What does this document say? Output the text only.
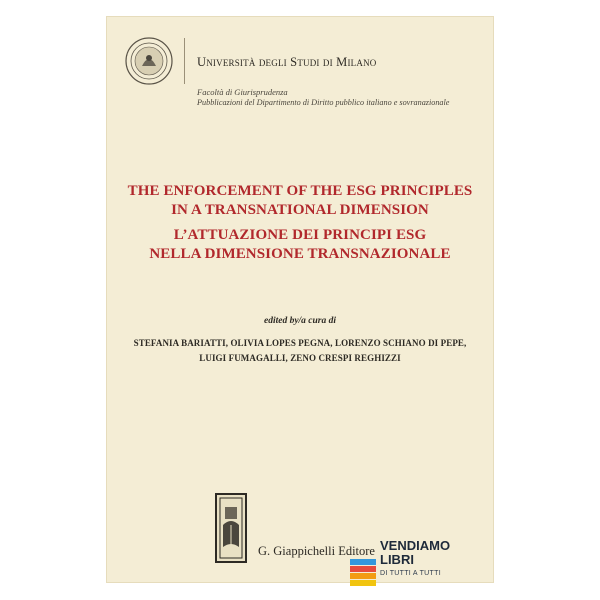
Università degli Studi di Milano
Facoltà di Giurisprudenza
Pubblicazioni del Dipartimento di Diritto pubblico italiano e sovranazionale
THE ENFORCEMENT OF THE ESG PRINCIPLES
IN A TRANSNATIONAL DIMENSION
L’ATTUAZIONE DEI PRINCIPI ESG
NELLA DIMENSIONE TRANSNAZIONALE
edited by/a cura di
STEFANIA BARIATTI, OLIVIA LOPES PEGNA, LORENZO SCHIANO DI PEPE,
LUIGI FUMAGALLI, ZENO CRESPI REGHIZZI
G. Giappichelli Editore VENDIAMO
LIBRI
DI TUTTI A TUTTI
